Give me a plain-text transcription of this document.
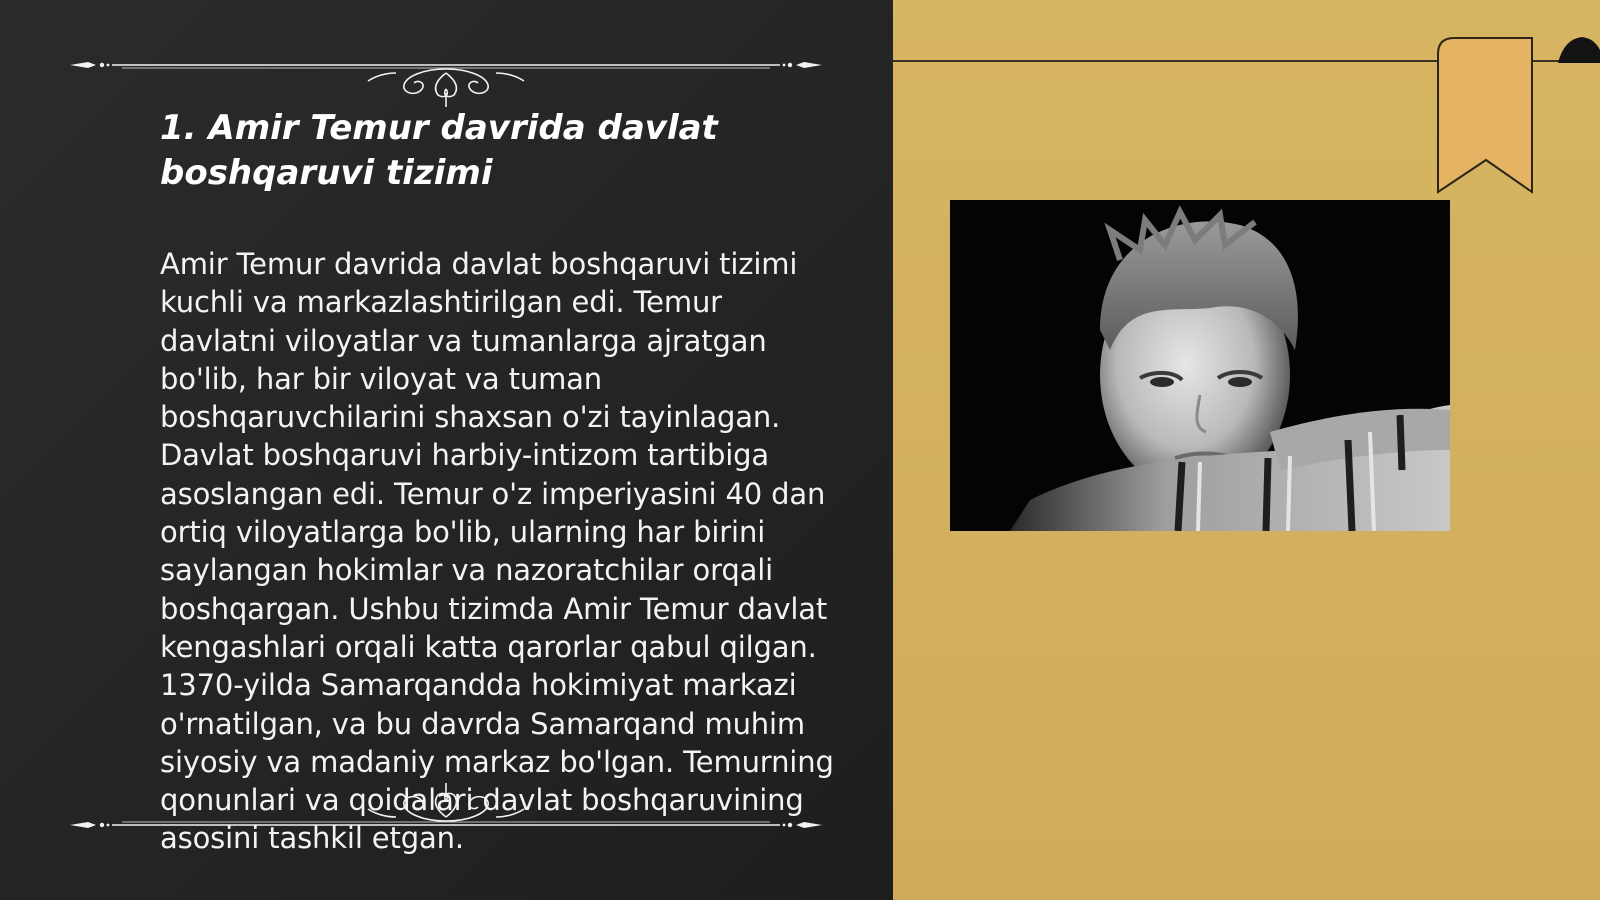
1. Amir Temur davrida davlat boshqaruvi tizimi

Amir Temur davrida davlat boshqaruvi tizimi kuchli va markazlashtirilgan edi. Temur davlatni viloyatlar va tumanlarga ajratgan bo'lib, har bir viloyat va tuman boshqaruvchilarini shaxsan o'zi tayinlagan. Davlat boshqaruvi harbiy-intizom tartibiga asoslangan edi. Temur o'z imperiyasini 40 dan ortiq viloyatlarga bo'lib, ularning har birini saylangan hokimlar va nazoratchilar orqali boshqargan. Ushbu tizimda Amir Temur davlat kengashlari orqali katta qarorlar qabul qilgan. 1370-yilda Samarqandda hokimiyat markazi o'rnatilgan, va bu davrda Samarqand muhim siyosiy va madaniy markaz bo'lgan. Temurning qonunlari va qoidalari davlat boshqaruvining asosini tashkil etgan.
